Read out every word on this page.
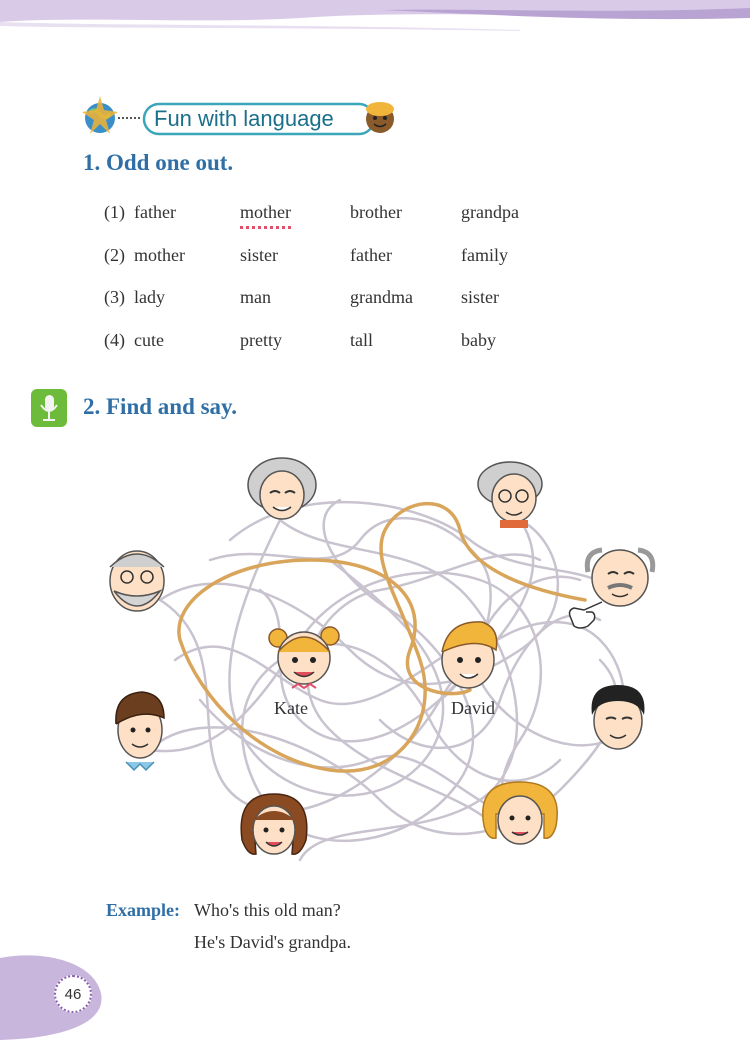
Fun with language
1. Odd one out.
(1) father	mother	brother	grandpa
(2) mother	sister	father	family
(3) lady	man	grandma	sister
(4) cute	pretty	tall	baby
2. Find and say.
Kate	David
Example: Who's this old man?
He's David's grandpa.
46
